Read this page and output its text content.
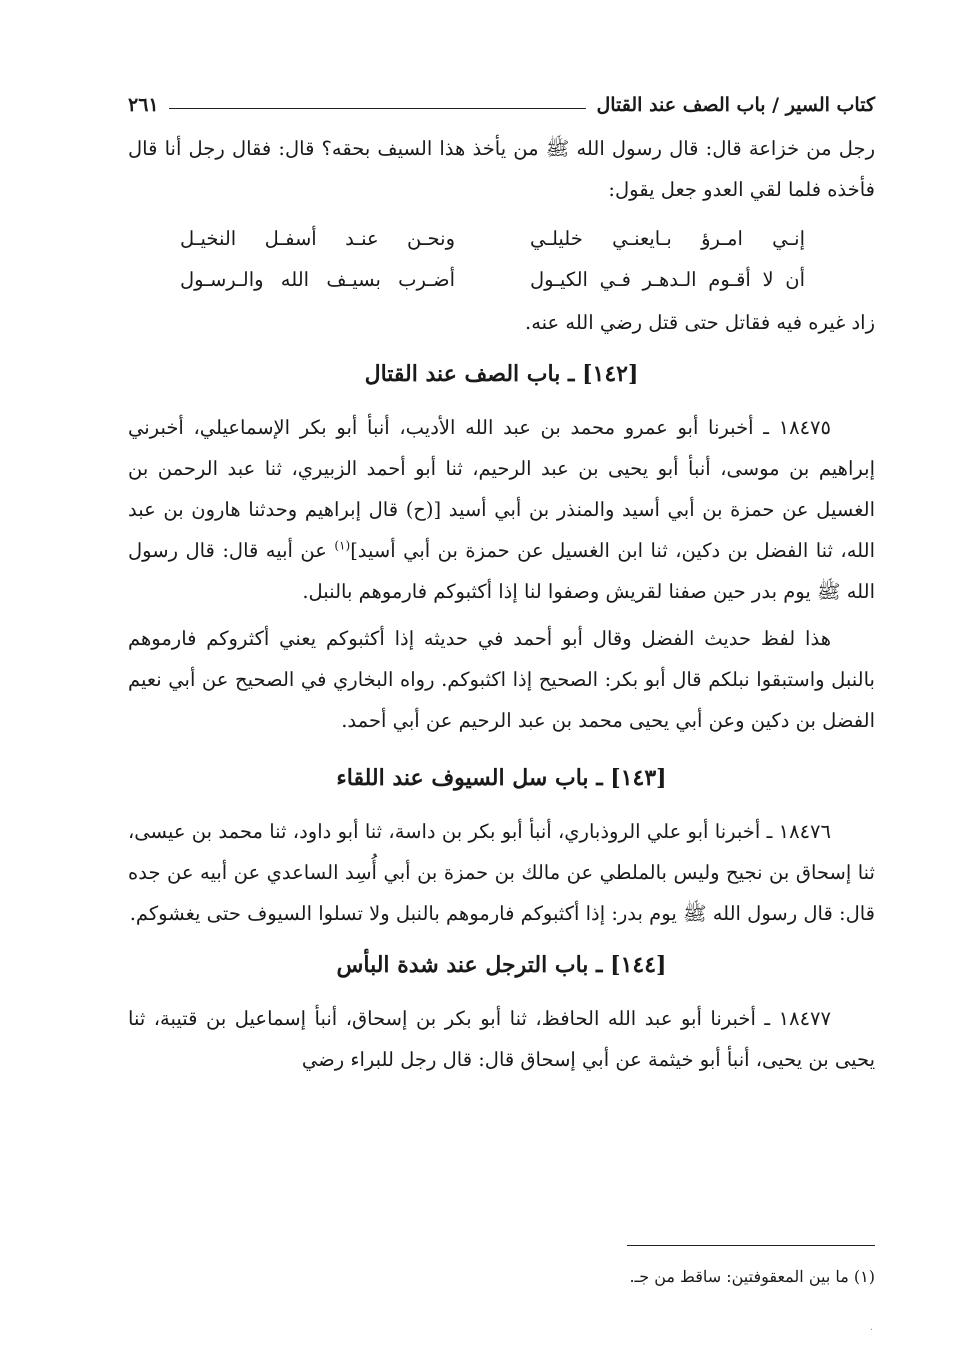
كتاب السير / باب الصف عند القتال
٢٦١

رجل من خزاعة قال: قال رسول الله ﷺ من يأخذ هذا السيف بحقه؟ قال: فقال رجل أنا قال فأخذه فلما لقي العدو جعل يقول:

إنـي امـرؤ بـايعنـي خليلـي
ونحـن عنـد أسفـل النخيـل
أن لا أقـوم الـدهـر فـي الكيـول
أضـرب بسيـف الله والـرسـول

زاد غيره فيه فقاتل حتى قتل رضي الله عنه.

[١٤٢] ـ باب الصف عند القتال

١٨٤٧٥ ـ أخبرنا أبو عمرو محمد بن عبد الله الأديب، أنبأ أبو بكر الإسماعيلي، أخبرني إبراهيم بن موسى، أنبأ أبو يحيى بن عبد الرحيم، ثنا أبو أحمد الزبيري، ثنا عبد الرحمن بن الغسيل عن حمزة بن أبي أسيد والمنذر بن أبي أسيد [(ح) قال إبراهيم وحدثنا هارون بن عبد الله، ثنا الفضل بن دكين، ثنا ابن الغسيل عن حمزة بن أبي أسيد]$^{(١)}$ عن أبيه قال: قال رسول الله ﷺ يوم بدر حين صفنا لقريش وصفوا لنا إذا أكثبوكم فارموهم بالنبل.

هذا لفظ حديث الفضل وقال أبو أحمد في حديثه إذا أكثبوكم يعني أكثروكم فارموهم بالنبل واستبقوا نبلكم قال أبو بكر: الصحيح إذا اكثبوكم. رواه البخاري في الصحيح عن أبي نعيم الفضل بن دكين وعن أبي يحيى محمد بن عبد الرحيم عن أبي أحمد.

[١٤٣] ـ باب سل السيوف عند اللقاء

١٨٤٧٦ ـ أخبرنا أبو علي الروذباري، أنبأ أبو بكر بن داسة، ثنا أبو داود، ثنا محمد بن عيسى، ثنا إسحاق بن نجيح وليس بالملطي عن مالك بن حمزة بن أبي أُسِد الساعدي عن أبيه عن جده قال: قال رسول الله ﷺ يوم بدر: إذا أكثبوكم فارموهم بالنبل ولا تسلوا السيوف حتى يغشوكم.

[١٤٤] ـ باب الترجل عند شدة البأس

١٨٤٧٧ ـ أخبرنا أبو عبد الله الحافظ، ثنا أبو بكر بن إسحاق، أنبأ إسماعيل بن قتيبة، ثنا يحيى بن يحيى، أنبأ أبو خيثمة عن أبي إسحاق قال: قال رجل للبراء رضي

(١) ما بين المعقوفتين: ساقط من جـ.
.
